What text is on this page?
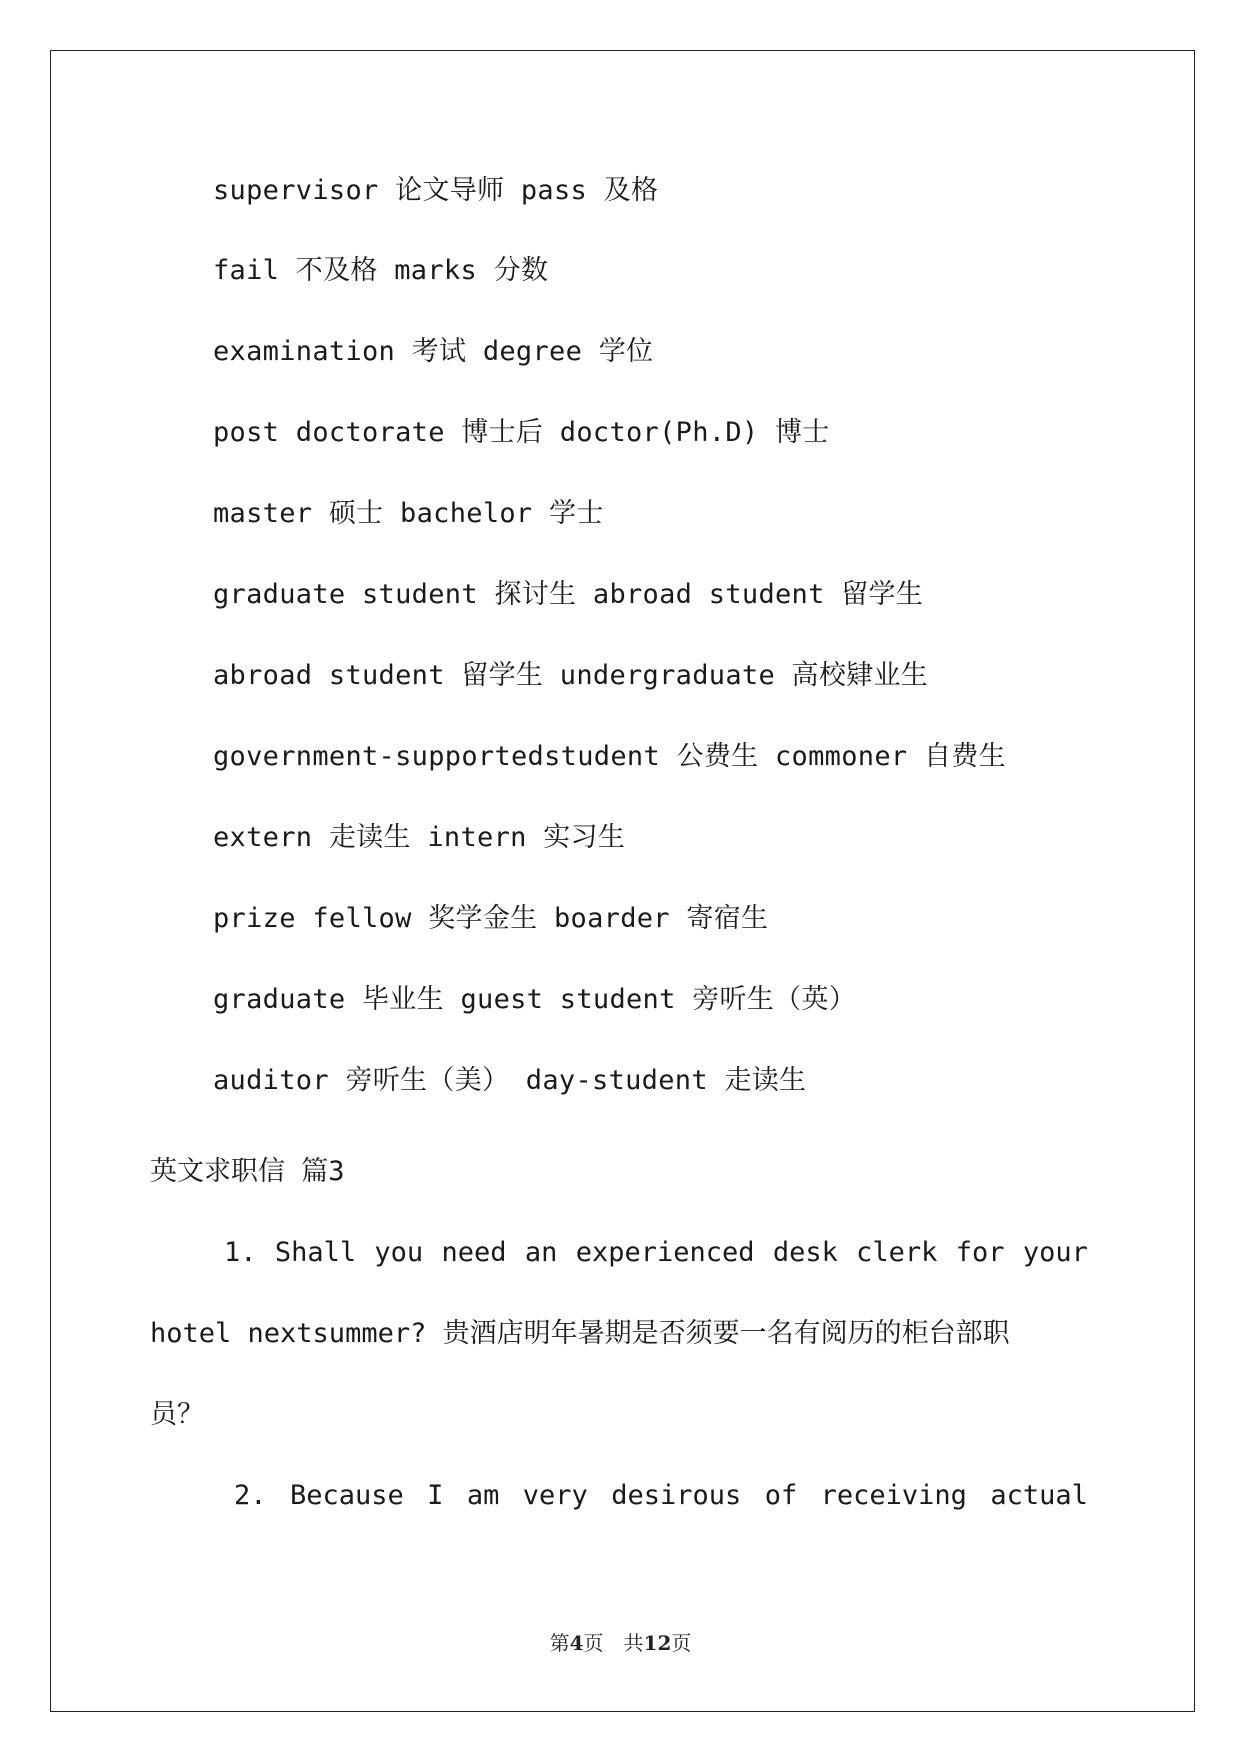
supervisor 论文导师 pass 及格
fail 不及格 marks 分数
examination 考试 degree 学位
post doctorate 博士后 doctor(Ph.D) 博士
master 硕士 bachelor 学士
graduate student 探讨生 abroad student 留学生
abroad student 留学生 undergraduate 高校肄业生
government-supportedstudent 公费生 commoner 自费生
extern 走读生 intern 实习生
prize fellow 奖学金生 boarder 寄宿生
graduate 毕业生 guest student 旁听生（英）
auditor 旁听生（美） day-student 走读生
英文求职信 篇3
1. Shall you need an experienced desk clerk for your
hotel nextsummer? 贵酒店明年暑期是否须要一名有阅历的柜台部职
员？
2. Because I am very desirous of receiving actual
第4页　共12页
